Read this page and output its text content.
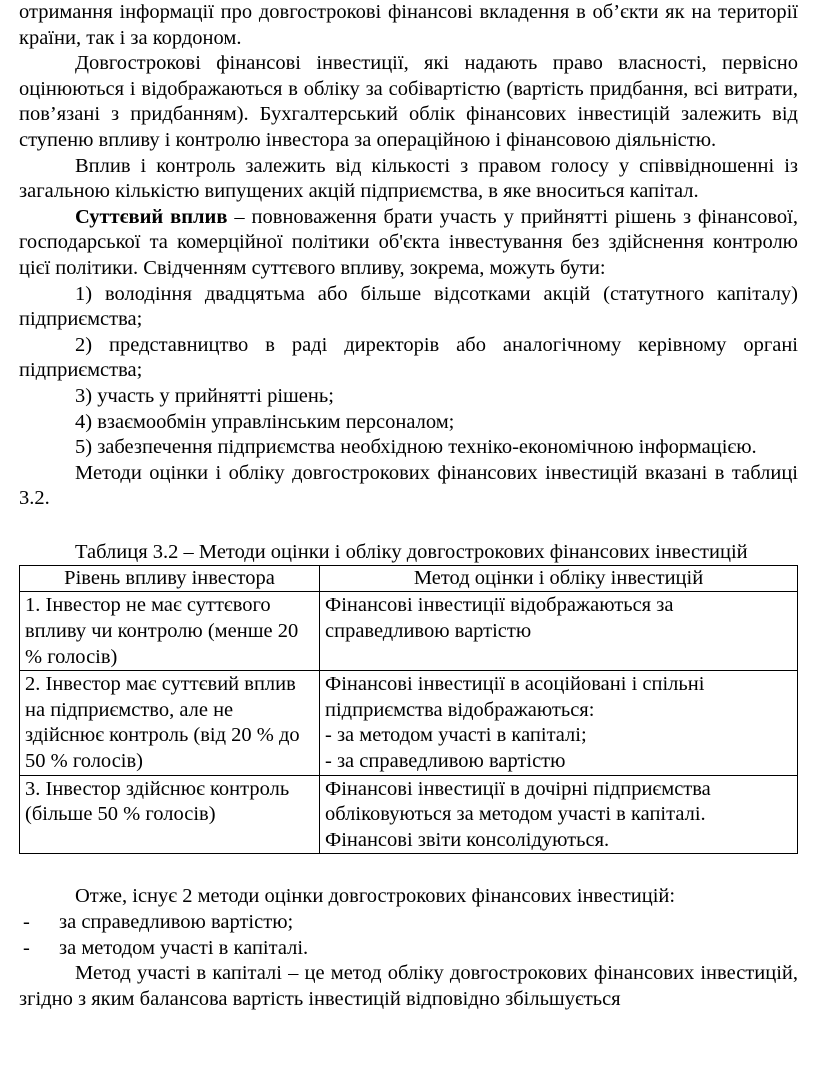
отримання інформації про довгострокові фінансові вкладення в об’єкти як на території країни, так і за кордоном.

Довгострокові фінансові інвестиції, які надають право власності, первісно оцінюються і відображаються в обліку за собівартістю (вартість придбання, всі витрати, пов’язані з придбанням). Бухгалтерський облік фінансових інвестицій залежить від ступеню впливу і контролю інвестора за операційною і фінансовою діяльністю.

Вплив і контроль залежить від кількості з правом голосу у співвідношенні із загальною кількістю випущених акцій підприємства, в яке вноситься капітал.

Суттєвий вплив – повноваження брати участь у прийнятті рішень з фінансової, господарської та комерційної політики об'єкта інвестування без здійснення контролю цієї політики. Свідченням суттєвого впливу, зокрема, можуть бути:

1) володіння двадцятьма або більше відсотками акцій (статутного капіталу) підприємства;

2) представництво в раді директорів або аналогічному керівному органі підприємства;

3) участь у прийнятті рішень;

4) взаємообмін управлінським персоналом;

5) забезпечення підприємства необхідною техніко-економічною інформацією.

Методи оцінки і обліку довгострокових фінансових інвестицій вказані в таблиці 3.2.

Таблиця 3.2 – Методи оцінки і обліку довгострокових фінансових інвестицій

Рівень впливу інвестора	Метод оцінки і обліку інвестицій
1. Інвестор не має суттєвого впливу чи контролю (менше 20 % голосів)	Фінансові інвестиції відображаються за справедливою вартістю

2. Інвестор має суттєвий вплив на підприємство, але не здійснює контроль (від 20 % до 50 % голосів)	Фінансові інвестиції в асоційовані і спільні підприємства відображаються:
- за методом участі в капіталі;
- за справедливою вартістю

3. Інвестор здійснює контроль (більше 50 % голосів)	Фінансові інвестиції в дочірні підприємства обліковуються за методом участі в капіталі.
Фінансові звіти консолідуються.

Отже, існує 2 методи оцінки довгострокових фінансових інвестицій:

-	за справедливою вартістю;
-	за методом участі в капіталі.

Метод участі в капіталі – це метод обліку довгострокових фінансових інвестицій, згідно з яким балансова вартість інвестицій відповідно збільшується
